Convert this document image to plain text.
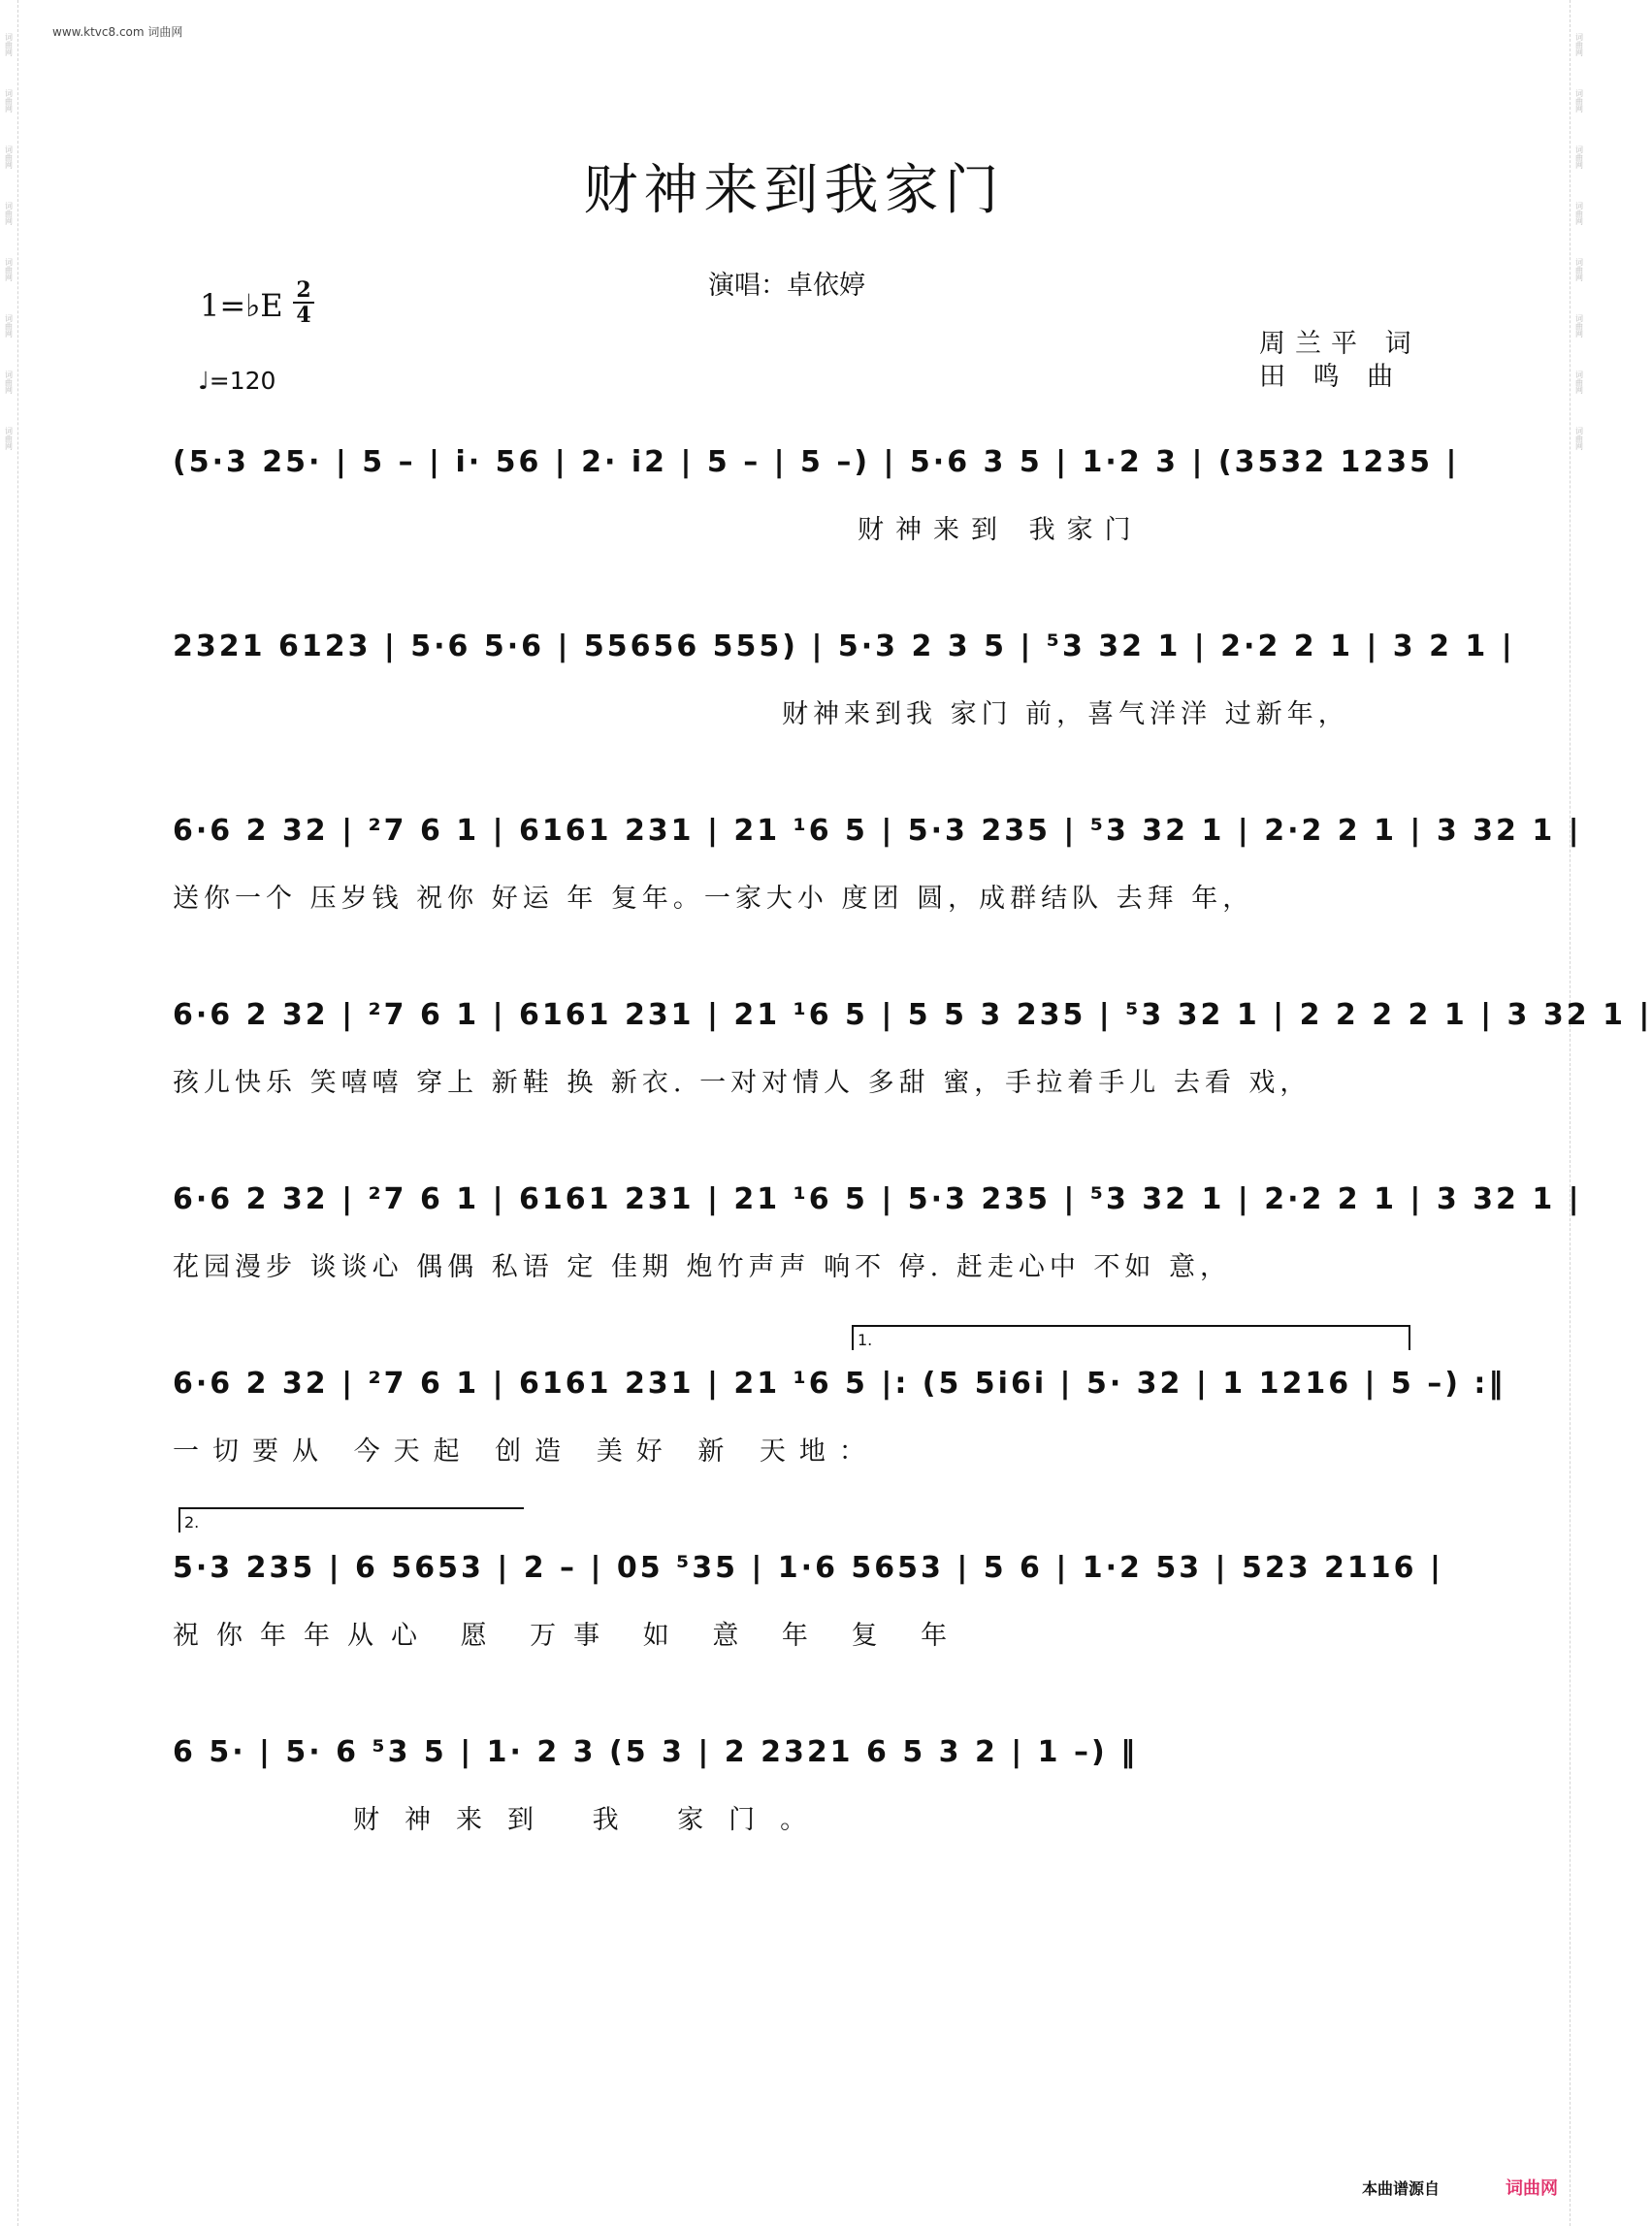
词曲网
词曲网
词曲网
词曲网
词曲网
词曲网
词曲网
词曲网
词曲网
词曲网
词曲网
词曲网
词曲网
词曲网
词曲网
词曲网
www.ktvc8.com 词曲网
财神来到我家门
演唱：卓依婷
1=♭E 2
4
♩=120
周兰平 词
田 鸣 曲
1.
2.
(5·3 25· | 5 – | i· 56 | 2· i2 | 5 – | 5 –) | 5·6 3 5 | 1·2 3 | (3532 1235 |
财神来到 我家门
2321 6123 | 5·6 5·6 | 55656 555) | 5·3 2 3 5 | ⁵3 32 1 | 2·2 2 1 | 3 2 1 |
财神来到我 家门 前，喜气洋洋 过新年，
6·6 2 32 | ²7 6 1 | 6161 231 | 21 ¹6 5 | 5·3 235 | ⁵3 32 1 | 2·2 2 1 | 3 32 1 |
送你一个 压岁钱 祝你 好运 年 复年。一家大小 度团 圆，成群结队 去拜 年，
6·6 2 32 | ²7 6 1 | 6161 231 | 21 ¹6 5 | 5 5 3 235 | ⁵3 32 1 | 2 2 2 2 1 | 3 32 1 |
孩儿快乐 笑嘻嘻 穿上 新鞋 换 新衣. 一对对情人 多甜 蜜，手拉着手儿 去看 戏，
6·6 2 32 | ²7 6 1 | 6161 231 | 21 ¹6 5 | 5·3 235 | ⁵3 32 1 | 2·2 2 1 | 3 32 1 |
花园漫步 谈谈心 偶偶 私语 定 佳期 炮竹声声 响不 停. 赶走心中 不如 意，
6·6 2 32 | ²7 6 1 | 6161 231 | 21 ¹6 5 |: (5 5i6i | 5· 32 | 1 1216 | 5 –) :‖
一切要从 今天起 创造 美好 新 天地：
5·3 235 | 6 5653 | 2 – | 05 ⁵35 | 1·6 5653 | 5 6 | 1·2 53 | 523 2116 |
祝你年年从心 愿 万事 如 意 年 复 年
6 5· | 5· 6 ⁵3 5 | 1· 2 3 (5 3 | 2 2321 6 5 3 2 | 1 –) ‖
财神来到 我 家门。
本曲谱源自	词曲网
